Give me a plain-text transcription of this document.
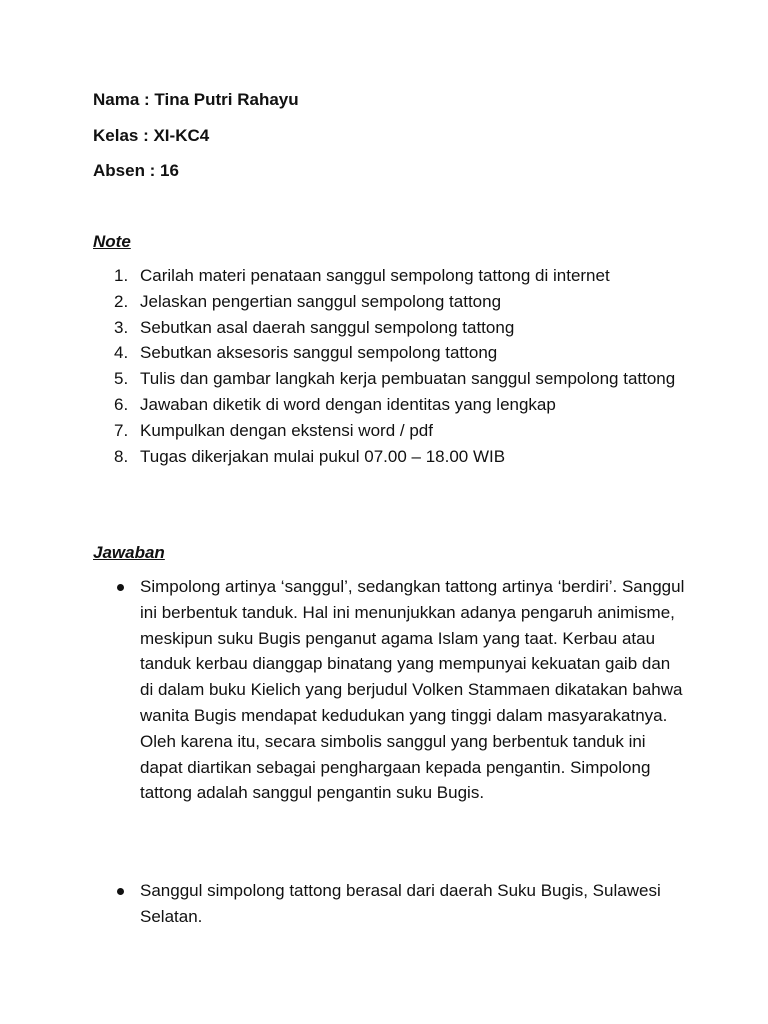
Nama : Tina Putri Rahayu
Kelas : XI-KC4
Absen : 16
Note
1. Carilah materi penataan sanggul sempolong tattong di internet
2. Jelaskan pengertian sanggul sempolong tattong
3. Sebutkan asal daerah sanggul sempolong tattong
4. Sebutkan aksesoris sanggul sempolong tattong
5. Tulis dan gambar langkah kerja pembuatan sanggul sempolong tattong
6. Jawaban diketik di word dengan identitas yang lengkap
7. Kumpulkan dengan ekstensi word / pdf
8. Tugas dikerjakan mulai pukul 07.00 – 18.00 WIB
Jawaban
Simpolong artinya ‘sanggul’, sedangkan tattong artinya ‘berdiri’. Sanggul ini berbentuk tanduk. Hal ini menunjukkan adanya pengaruh animisme, meskipun suku Bugis penganut agama Islam yang taat. Kerbau atau tanduk kerbau dianggap binatang yang mempunyai kekuatan gaib dan di dalam buku Kielich yang berjudul Volken Stammaen dikatakan bahwa wanita Bugis mendapat kedudukan yang tinggi dalam masyarakatnya. Oleh karena itu, secara simbolis sanggul yang berbentuk tanduk ini dapat diartikan sebagai penghargaan kepada pengantin. Simpolong tattong adalah sanggul pengantin suku Bugis.
Sanggul simpolong tattong berasal dari daerah Suku Bugis, Sulawesi Selatan.
